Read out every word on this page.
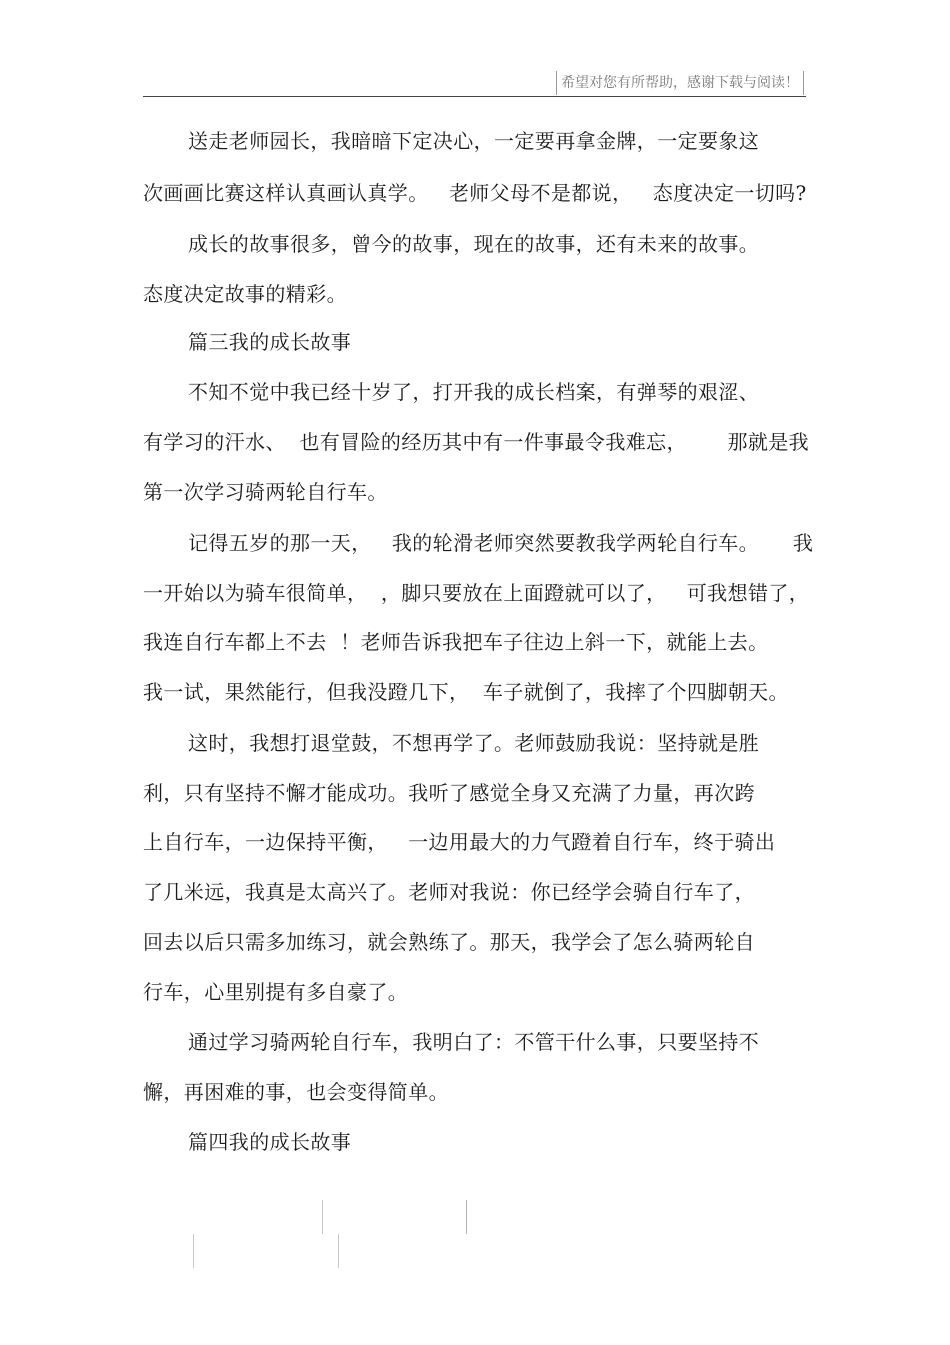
希望对您有所帮助，感谢下载与阅读！
送走老师园长，我暗暗下定决心，一定要再拿金牌，一定要象这
次画画比赛这样认真画认真学。   老师父母不是都说，   态度决定一切吗?
成长的故事很多，曾今的故事，现在的故事，还有未来的故事。
态度决定故事的精彩。
篇三我的成长故事
不知不觉中我已经十岁了，打开我的成长档案，有弹琴的艰涩、
有学习的汗水、  也有冒险的经历其中有一件事最令我难忘，      那就是我
第一次学习骑两轮自行车。
记得五岁的那一天，   我的轮滑老师突然要教我学两轮自行车。     我
一开始以为骑车很简单，  ，脚只要放在上面蹬就可以了，   可我想错了，
我连自行车都上不去  ！老师告诉我把车子往边上斜一下，就能上去。
我一试，果然能行，但我没蹬几下，  车子就倒了，我摔了个四脚朝天。
这时，我想打退堂鼓，不想再学了。老师鼓励我说：坚持就是胜
利，只有坚持不懈才能成功。我听了感觉全身又充满了力量，再次跨
上自行车，一边保持平衡，   一边用最大的力气蹬着自行车，终于骑出
了几米远，我真是太高兴了。老师对我说：你已经学会骑自行车了，
回去以后只需多加练习，就会熟练了。那天，我学会了怎么骑两轮自
行车，心里别提有多自豪了。
通过学习骑两轮自行车，我明白了：不管干什么事，只要坚持不
懈，再困难的事，也会变得简单。
篇四我的成长故事
